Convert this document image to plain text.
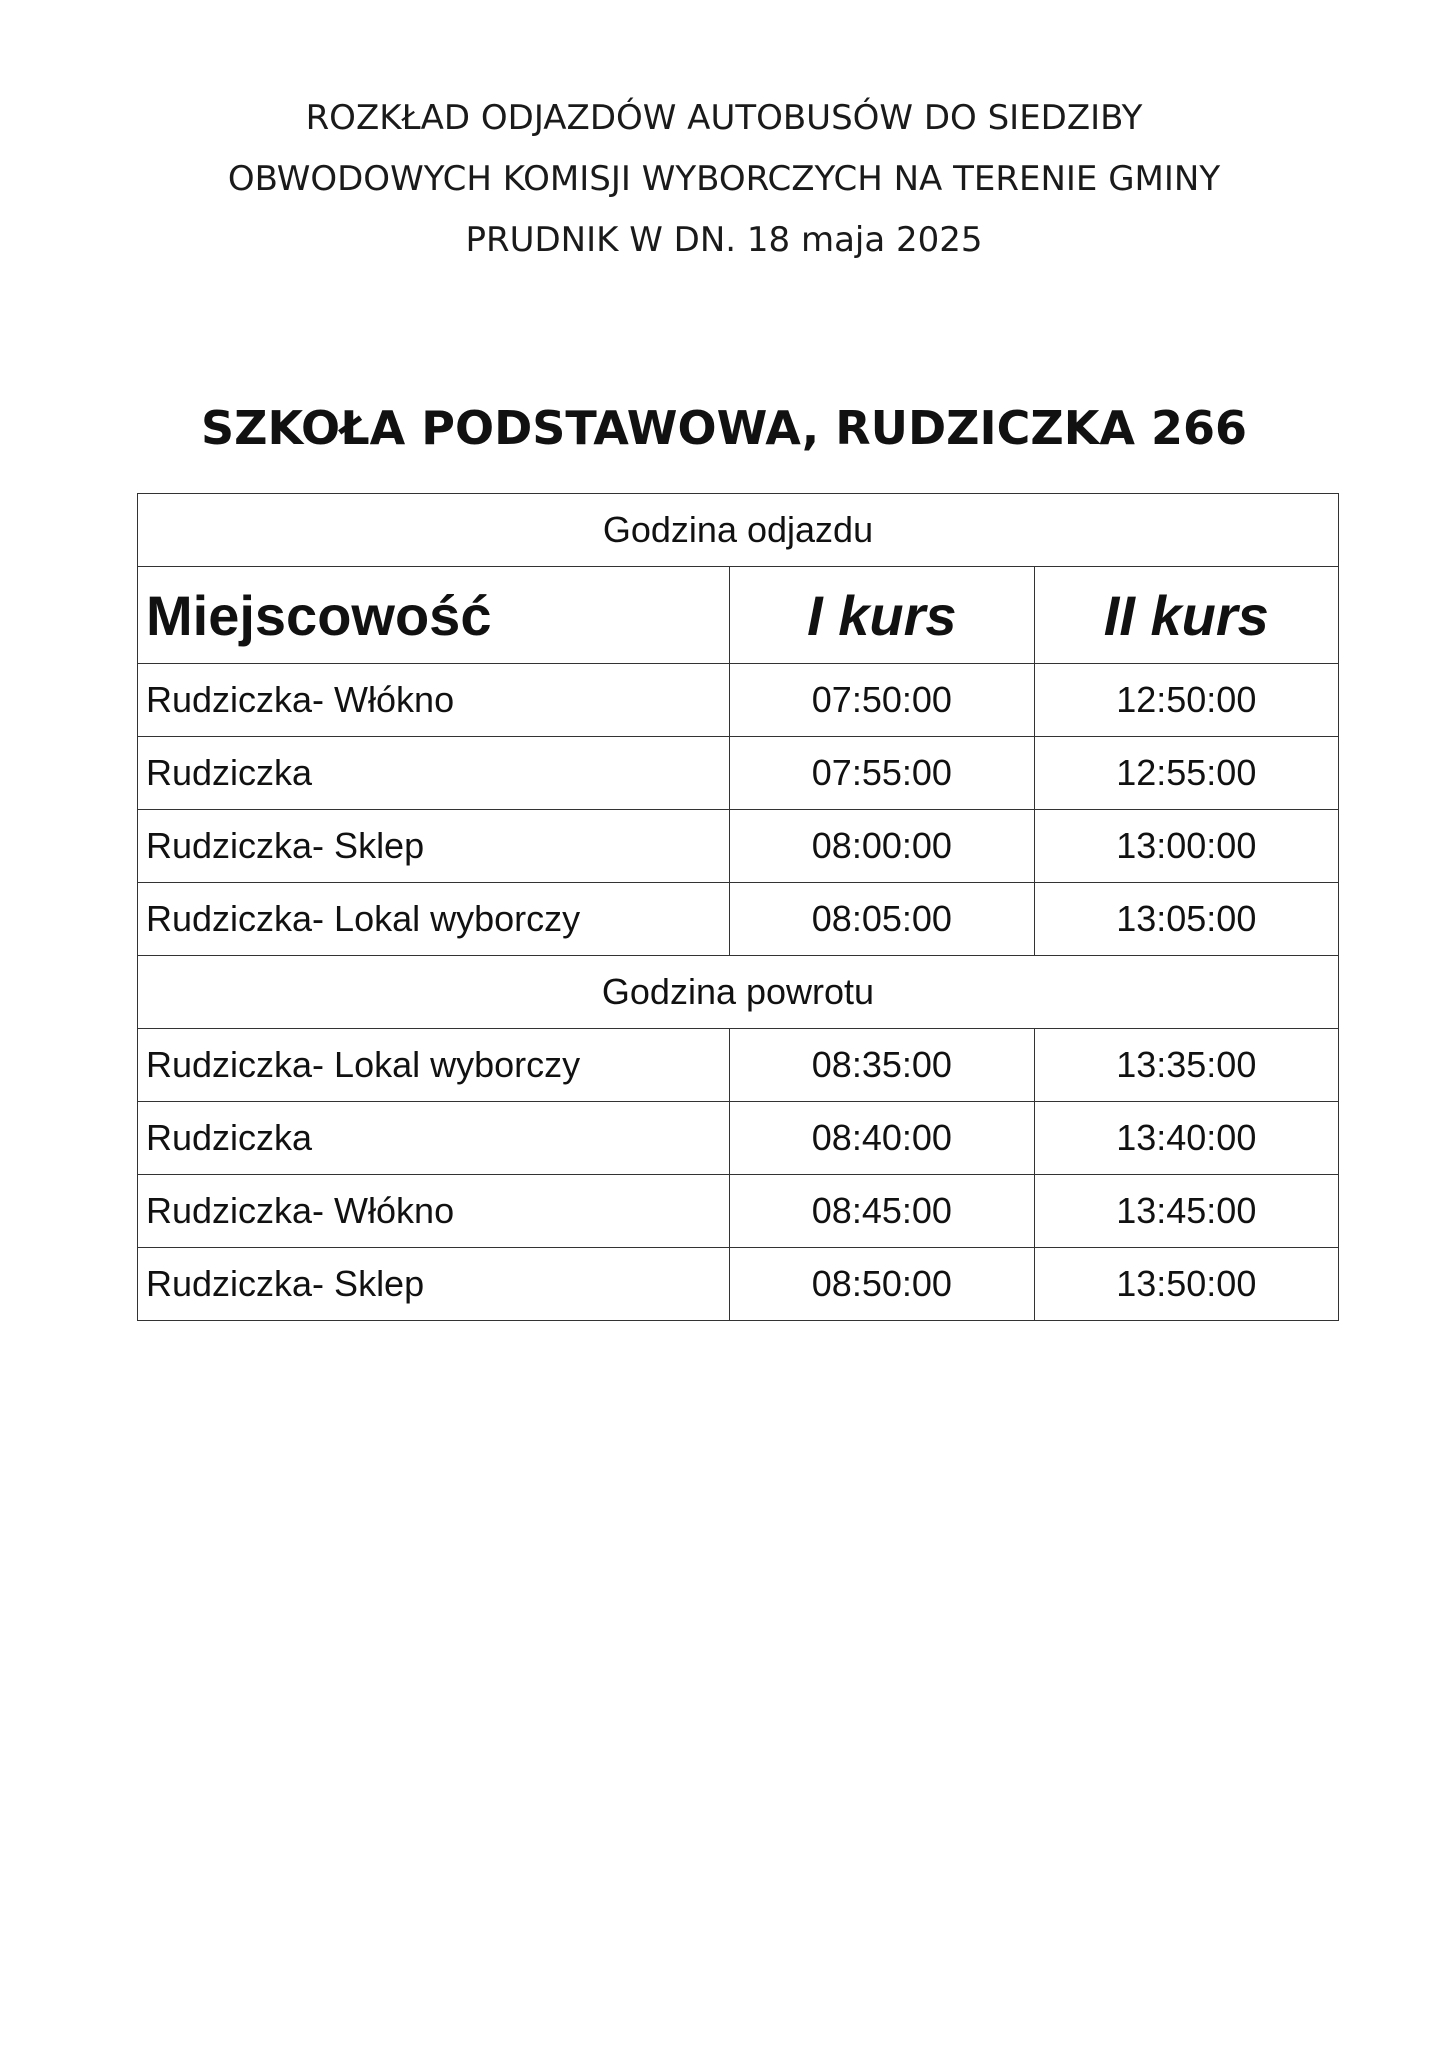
ROZKŁAD ODJAZDÓW AUTOBUSÓW DO SIEDZIBY
OBWODOWYCH KOMISJI WYBORCZYCH NA TERENIE GMINY
PRUDNIK W DN. 18 maja 2025
SZKOŁA PODSTAWOWA, RUDZICZKA 266
Godzina odjazdu		
Miejscowość	I kurs	II kurs
Rudziczka- Włókno	07:50:00	12:50:00
Rudziczka	07:55:00	12:55:00
Rudziczka- Sklep	08:00:00	13:00:00
Rudziczka- Lokal wyborczy	08:05:00	13:05:00
Godzina powrotu		
Rudziczka- Lokal wyborczy	08:35:00	13:35:00
Rudziczka	08:40:00	13:40:00
Rudziczka- Włókno	08:45:00	13:45:00
Rudziczka- Sklep	08:50:00	13:50:00
